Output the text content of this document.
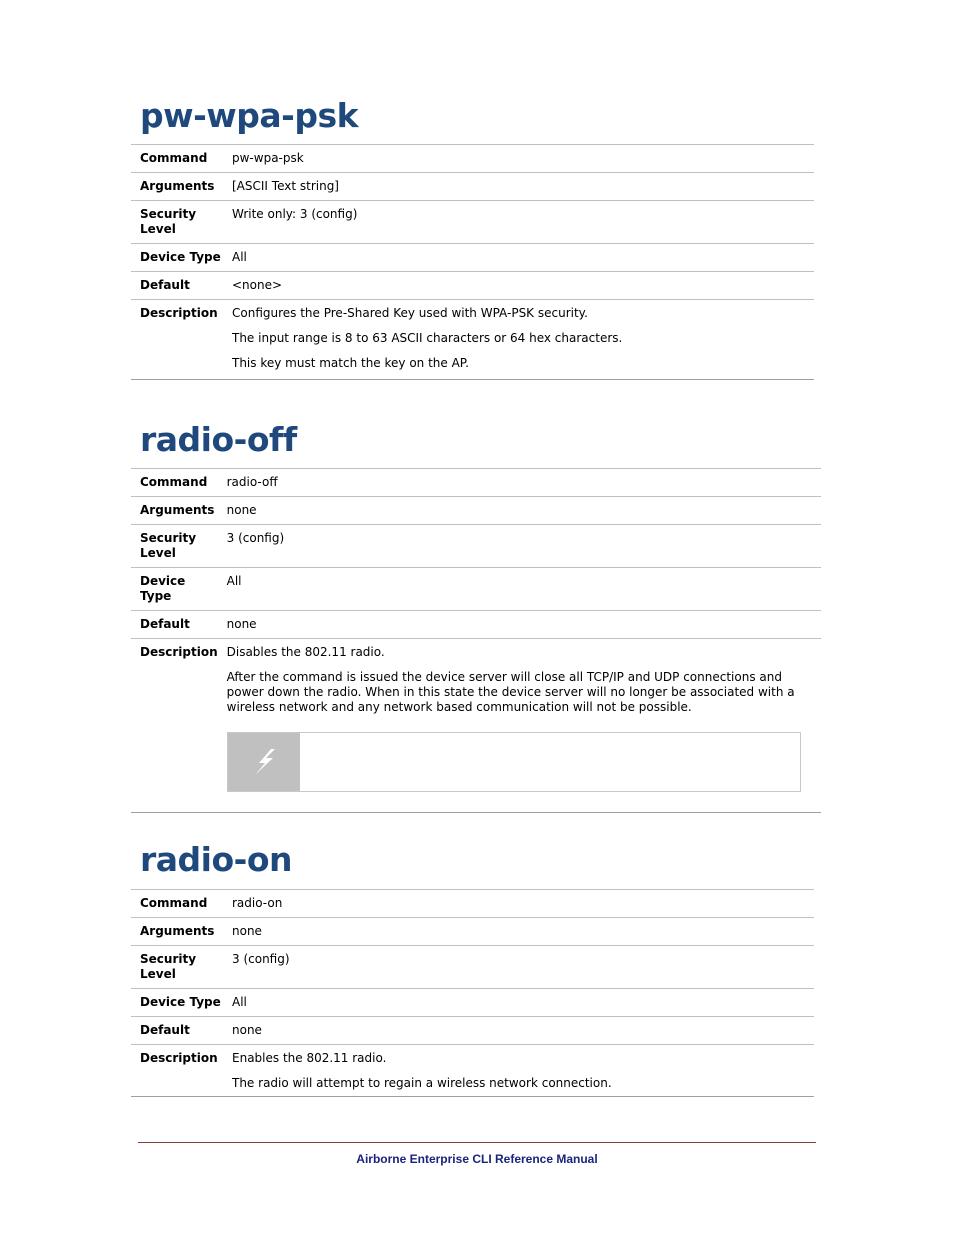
pw-wpa-psk
Command	pw-wpa-psk
Arguments	[ASCII Text string]
Security Level	Write only: 3 (config)
Device Type	All
Default	<none>
Description	Configures the Pre-Shared Key used with WPA-PSK security.

The input range is 8 to 63 ASCII characters or 64 hex characters.

This key must match the key on the AP.

radio-off
Command	radio-off
Arguments	none
Security Level	3 (config)
Device Type	All
Default	none
Description	Disables the 802.11 radio.

After the command is issued the device server will close all TCP/IP and UDP connections and power down the radio. When in this state the device server will no longer be associated with a wireless network and any network based communication will not be possible.

radio-on
Command	radio-on
Arguments	none
Security Level	3 (config)
Device Type	All
Default	none
Description	Enables the 802.11 radio.

The radio will attempt to regain a wireless network connection.

Airborne Enterprise CLI Reference Manual
